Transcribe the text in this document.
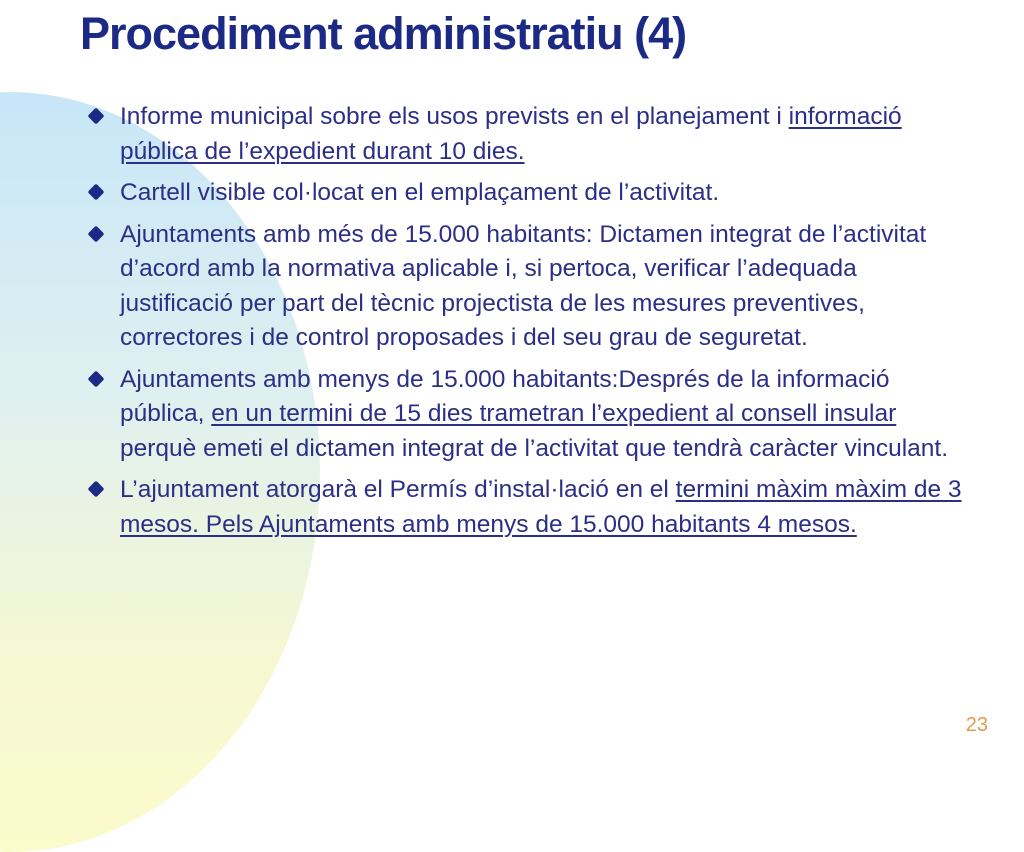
Procediment administratiu (4)
Informe municipal sobre els usos prevists en el planejament i informació pública de l’expedient durant 10 dies.
Cartell visible col·locat en el emplaçament de l’activitat.
Ajuntaments amb més de 15.000 habitants: Dictamen integrat de l’activitat d’acord amb la normativa aplicable i, si pertoca, verificar l’adequada justificació per part del tècnic projectista de les mesures preventives, correctores i de control proposades i del seu grau de seguretat.
Ajuntaments amb menys de 15.000 habitants:Després de la informació pública, en un termini de 15 dies trametran l’expedient al consell insular perquè emeti el dictamen integrat de l’activitat que tendrà caràcter vinculant.
L’ajuntament atorgarà el Permís d’instal·lació en el termini màxim màxim de 3 mesos. Pels Ajuntaments amb menys de 15.000 habitants 4 mesos.
23
